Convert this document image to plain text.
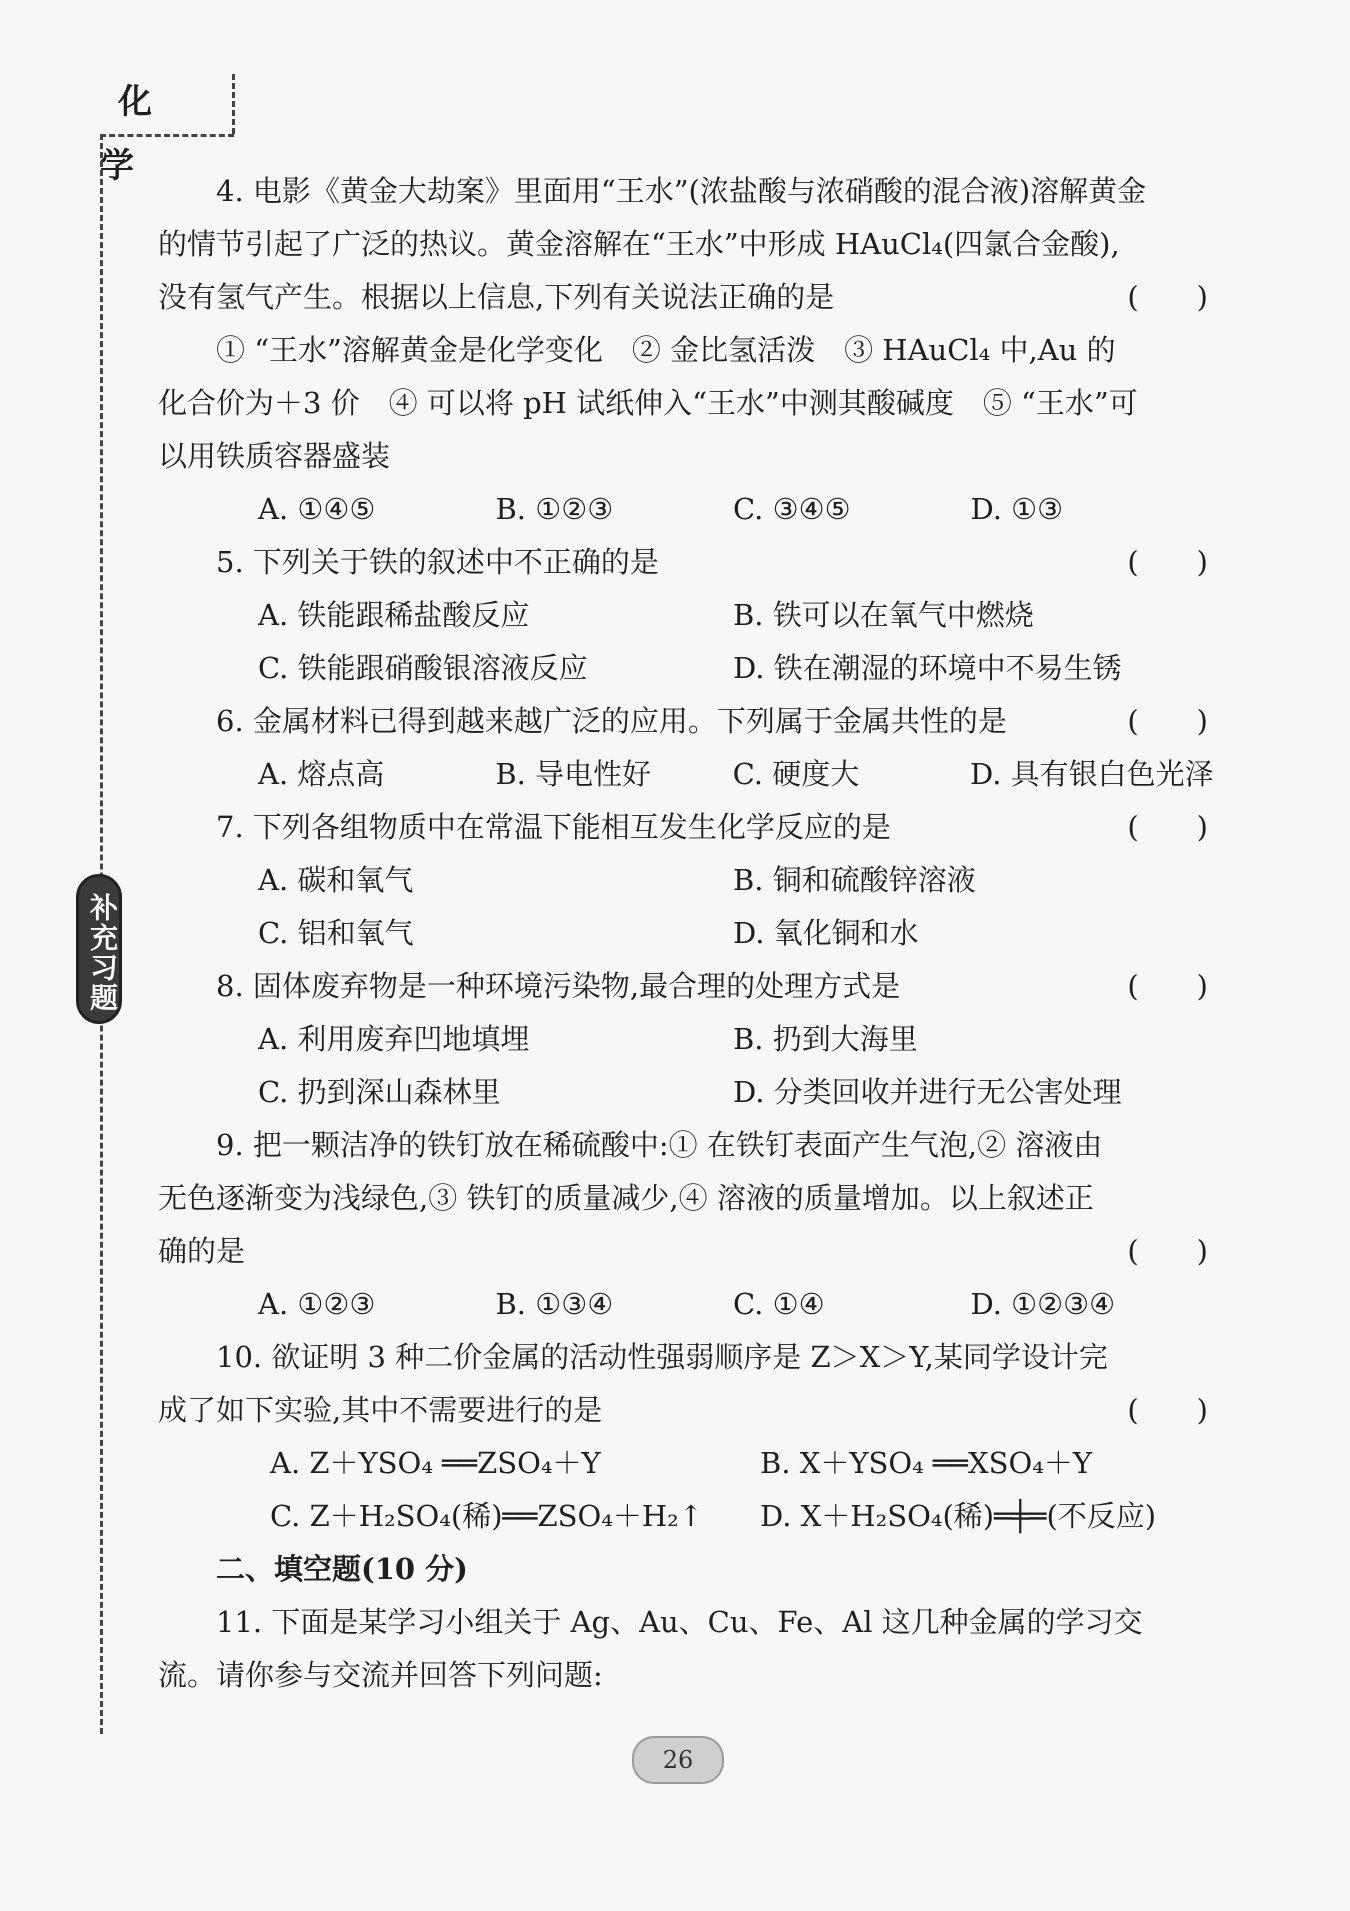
化 学
补充习题
4. 电影《黄金大劫案》里面用“王水”(浓盐酸与浓硝酸的混合液)溶解黄金
的情节引起了广泛的热议。黄金溶解在“王水”中形成 HAuCl₄(四氯合金酸),
没有氢气产生。根据以上信息,下列有关说法正确的是	(　　)
① “王水”溶解黄金是化学变化　② 金比氢活泼　③ HAuCl₄ 中,Au 的
化合价为＋3 价　④ 可以将 pH 试纸伸入“王水”中测其酸碱度　⑤ “王水”可
以用铁质容器盛装
A. ①④⑤	B. ①②③	C. ③④⑤	D. ①③
5. 下列关于铁的叙述中不正确的是	(　　)
A. 铁能跟稀盐酸反应	B. 铁可以在氧气中燃烧
C. 铁能跟硝酸银溶液反应	D. 铁在潮湿的环境中不易生锈
6. 金属材料已得到越来越广泛的应用。下列属于金属共性的是	(　　)
A. 熔点高	B. 导电性好	C. 硬度大	D. 具有银白色光泽
7. 下列各组物质中在常温下能相互发生化学反应的是	(　　)
A. 碳和氧气	B. 铜和硫酸锌溶液
C. 铝和氧气	D. 氧化铜和水
8. 固体废弃物是一种环境污染物,最合理的处理方式是	(　　)
A. 利用废弃凹地填埋	B. 扔到大海里
C. 扔到深山森林里	D. 分类回收并进行无公害处理
9. 把一颗洁净的铁钉放在稀硫酸中:① 在铁钉表面产生气泡,② 溶液由
无色逐渐变为浅绿色,③ 铁钉的质量减少,④ 溶液的质量增加。以上叙述正
确的是	(　　)
A. ①②③	B. ①③④	C. ①④	D. ①②③④
10. 欲证明 3 种二价金属的活动性强弱顺序是 Z＞X＞Y,某同学设计完
成了如下实验,其中不需要进行的是	(　　)
A. Z＋YSO₄ ══ZSO₄＋Y	B. X＋YSO₄ ══XSO₄＋Y
C. Z＋H₂SO₄(稀)══ZSO₄＋H₂↑	D. X＋H₂SO₄(稀)═╪═(不反应)
二、填空题(10 分)
11. 下面是某学习小组关于 Ag、Au、Cu、Fe、Al 这几种金属的学习交
流。请你参与交流并回答下列问题:
26
